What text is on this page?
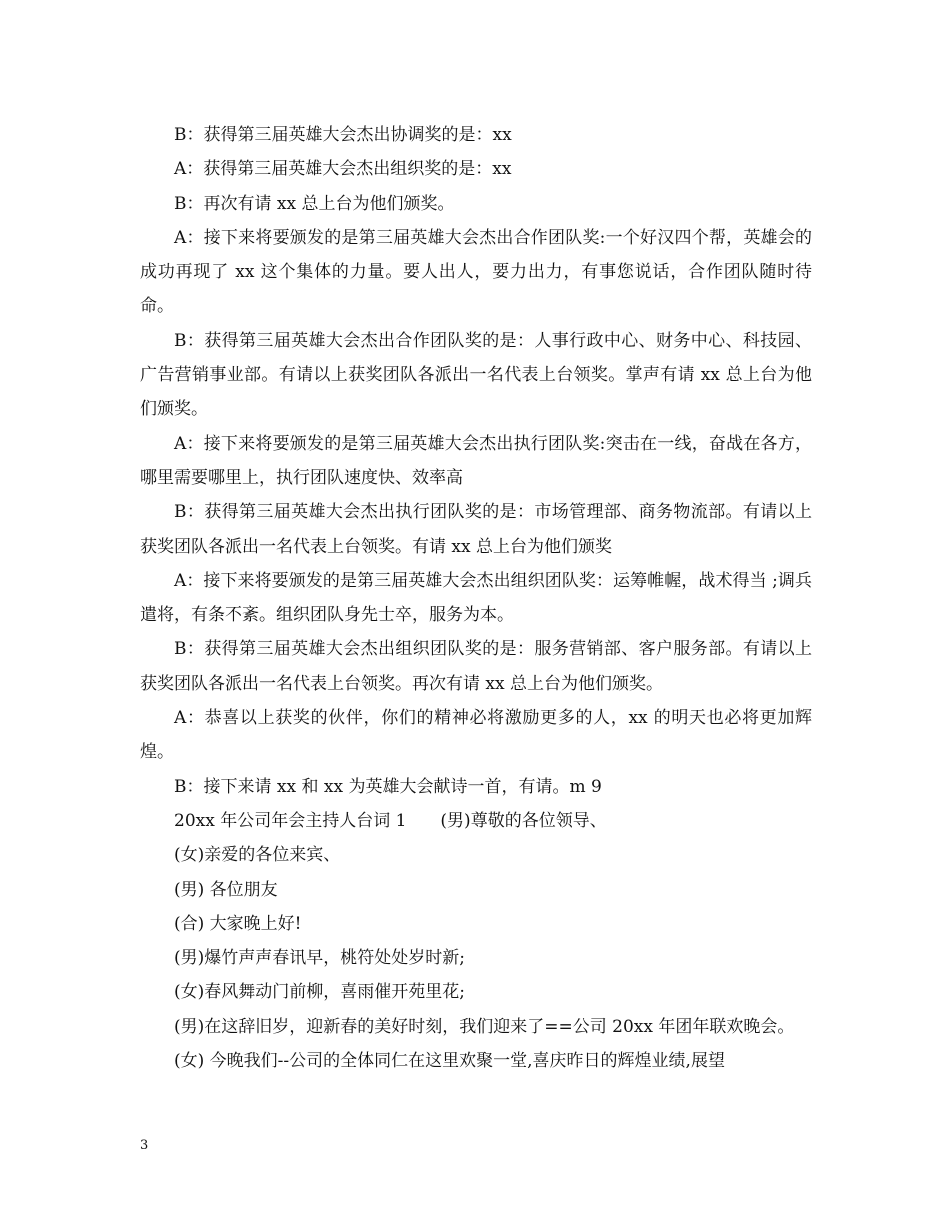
B：获得第三届英雄大会杰出协调奖的是：xx

A：获得第三届英雄大会杰出组织奖的是：xx

B：再次有请 xx 总上台为他们颁奖。

A：接下来将要颁发的是第三届英雄大会杰出合作团队奖:一个好汉四个帮，英雄会的成功再现了 xx 这个集体的力量。要人出人，要力出力，有事您说话，合作团队随时待命。

B：获得第三届英雄大会杰出合作团队奖的是：人事行政中心、财务中心、科技园、广告营销事业部。有请以上获奖团队各派出一名代表上台领奖。掌声有请 xx 总上台为他们颁奖。

A：接下来将要颁发的是第三届英雄大会杰出执行团队奖:突击在一线，奋战在各方，哪里需要哪里上，执行团队速度快、效率高

B：获得第三届英雄大会杰出执行团队奖的是：市场管理部、商务物流部。有请以上获奖团队各派出一名代表上台领奖。有请 xx 总上台为他们颁奖

A：接下来将要颁发的是第三届英雄大会杰出组织团队奖：运筹帷幄，战术得当 ;调兵遣将，有条不紊。组织团队身先士卒，服务为本。

B：获得第三届英雄大会杰出组织团队奖的是：服务营销部、客户服务部。有请以上获奖团队各派出一名代表上台领奖。再次有请 xx 总上台为他们颁奖。

A：恭喜以上获奖的伙伴，你们的精神必将激励更多的人，xx 的明天也必将更加辉煌。

B：接下来请 xx 和 xx 为英雄大会献诗一首，有请。m 9

20xx 年公司年会主持人台词 1　　(男)尊敬的各位领导、

(女)亲爱的各位来宾、

(男) 各位朋友

(合) 大家晚上好!

(男)爆竹声声春讯早，桃符处处岁时新;

(女)春风舞动门前柳，喜雨催开苑里花;

(男)在这辞旧岁，迎新春的美好时刻，我们迎来了==公司 20xx 年团年联欢晚会。

(女) 今晚我们--公司的全体同仁在这里欢聚一堂,喜庆昨日的辉煌业绩,展望

3
